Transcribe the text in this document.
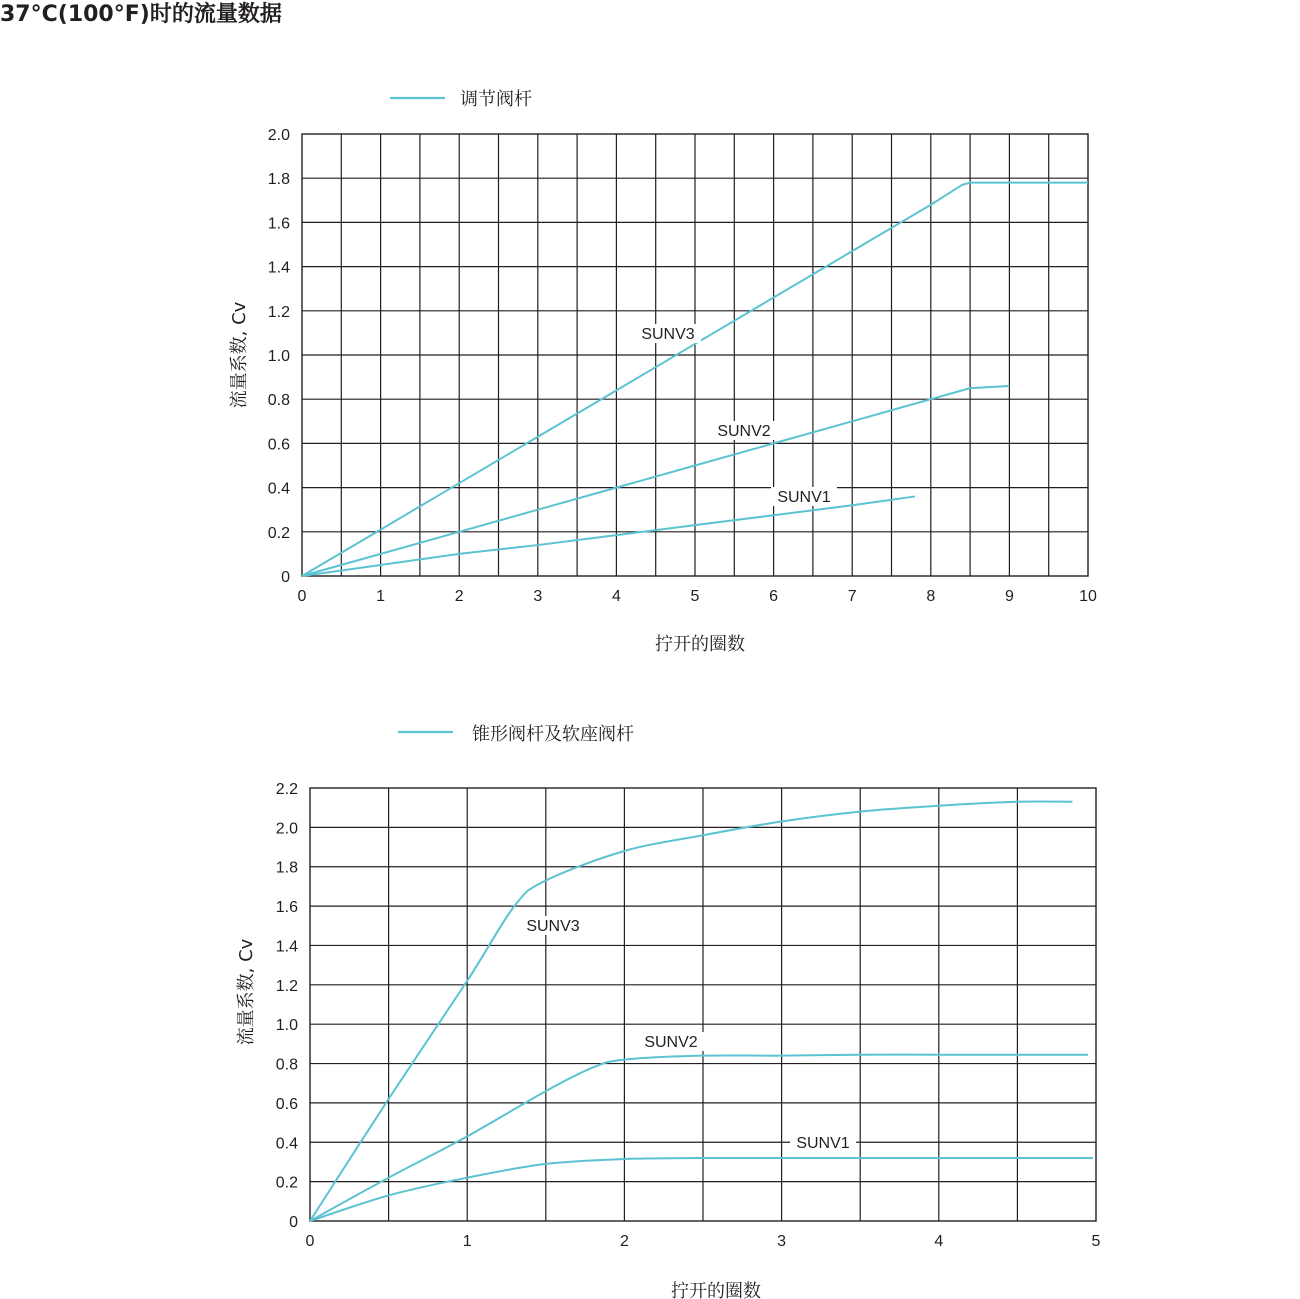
37°C(100°F)时的流量数据
0	1	2	3	4	5	6	7	8	9	10
0
0.2
0.4
0.6
0.8
1.0
1.2
1.4
1.6
1.8
2.0
拧开的圈数
流量系数, Cv
调节阀杆
SUNV3
SUNV2
SUNV1
0	1	2	3	4	5
0
0.2
0.4
0.6
0.8
1.0
1.2
1.4
1.6
1.8
2.0
2.2
拧开的圈数
流量系数, Cv
锥形阀杆及软座阀杆
SUNV3
SUNV2
SUNV1
